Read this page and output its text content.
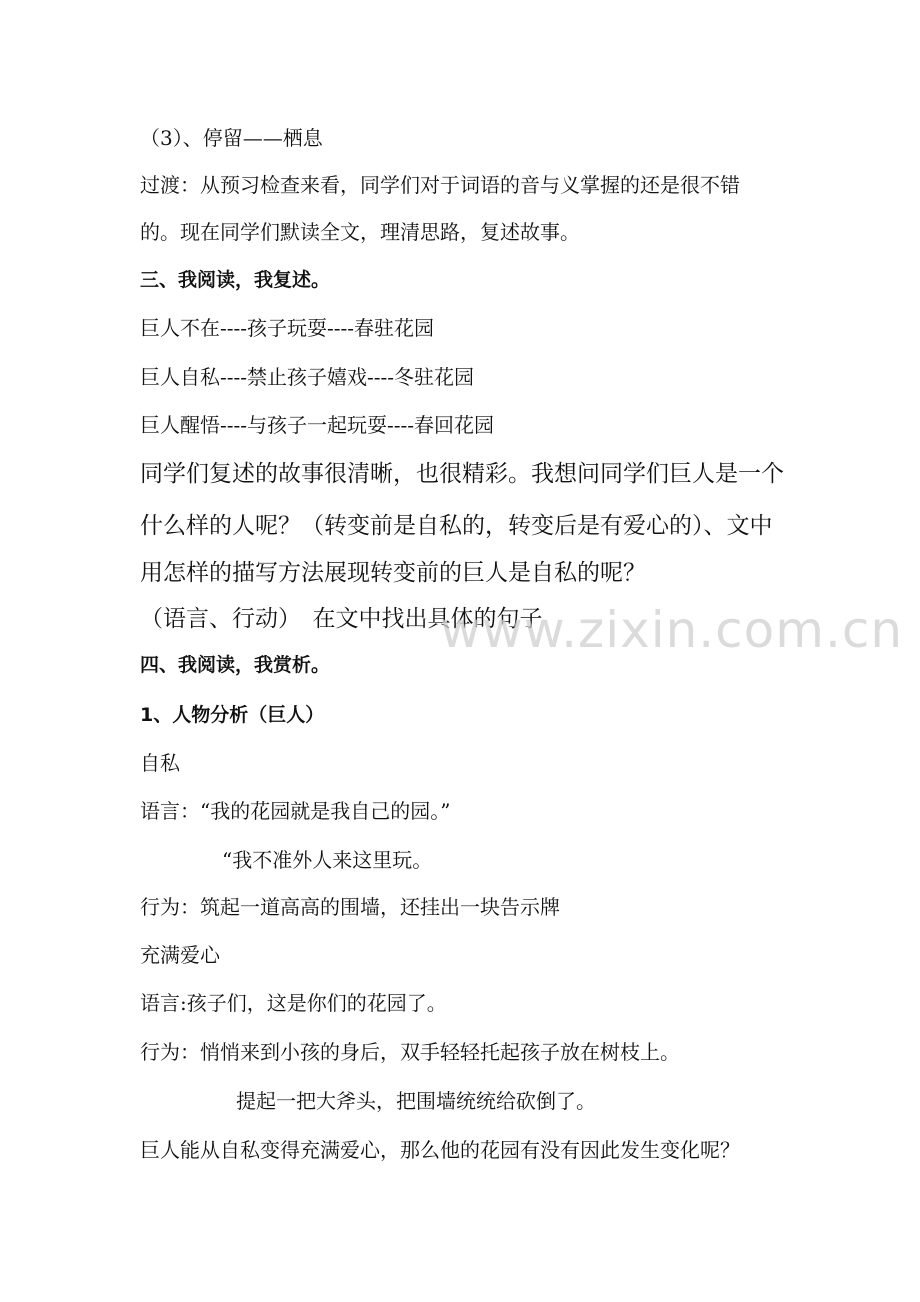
（3）、停留——栖息
过渡：从预习检查来看，同学们对于词语的音与义掌握的还是很不错
的。现在同学们默读全文，理清思路，复述故事。
三、我阅读，我复述。
巨人不在----孩子玩耍----春驻花园
巨人自私----禁止孩子嬉戏----冬驻花园
巨人醒悟----与孩子一起玩耍----春回花园
同学们复述的故事很清晰，也很精彩。我想问同学们巨人是一个
什么样的人呢？（转变前是自私的，转变后是有爱心的）、文中
用怎样的描写方法展现转变前的巨人是自私的呢？
（语言、行动）　在文中找出具体的句子
四、我阅读，我赏析。
1、人物分析（巨人）
自私
语言：“我的花园就是我自己的园。”
“我不准外人来这里玩。
行为：筑起一道高高的围墙，还挂出一块告示牌
充满爱心
语言:孩子们，这是你们的花园了。
行为：悄悄来到小孩的身后，双手轻轻托起孩子放在树枝上。
提起一把大斧头，把围墙统统给砍倒了。
巨人能从自私变得充满爱心，那么他的花园有没有因此发生变化呢？
www.zixin.com.cn
